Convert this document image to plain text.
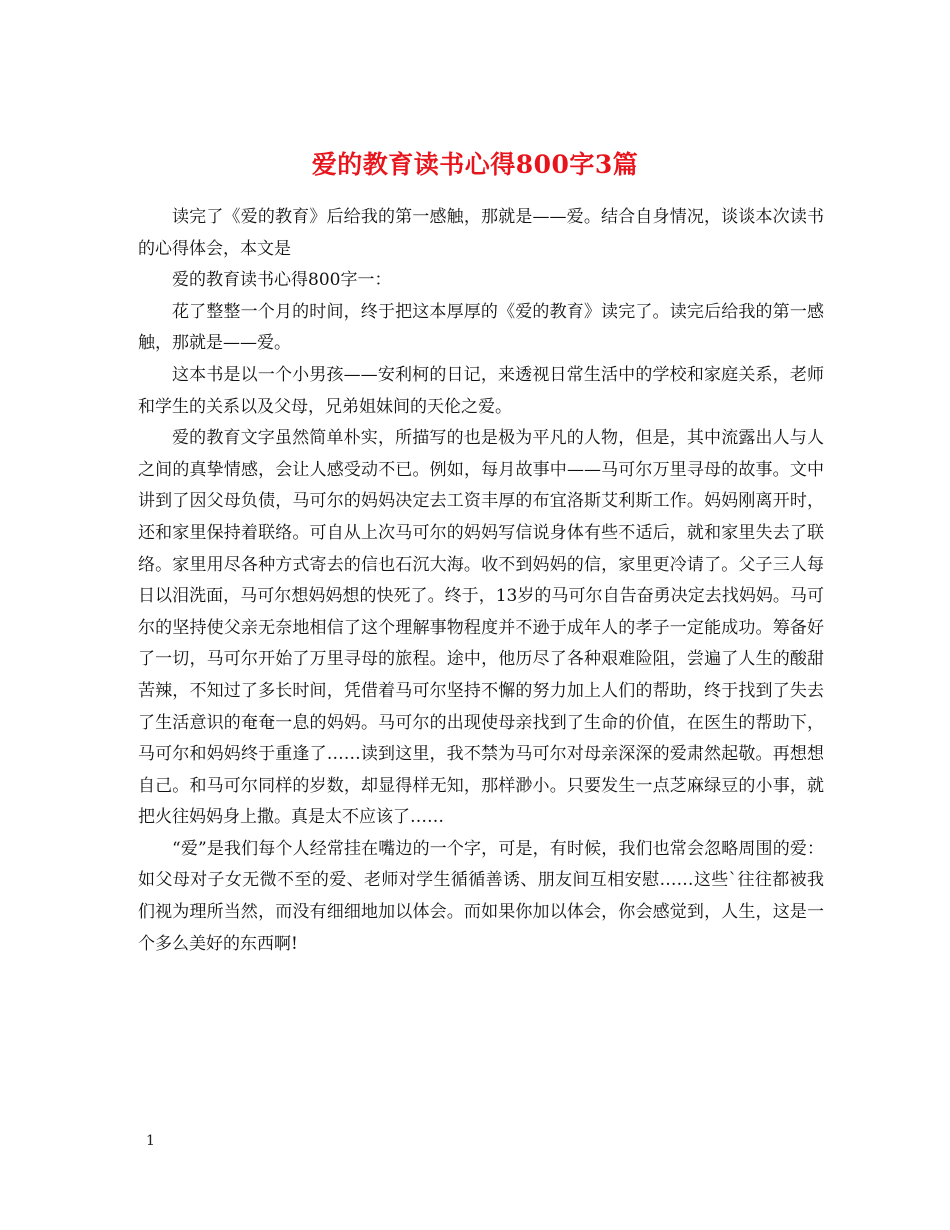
爱的教育读书心得800字3篇

读完了《爱的教育》后给我的第一感触，那就是——爱。结合自身情况，谈谈本次读书的心得体会，本文是

爱的教育读书心得800字一：

花了整整一个月的时间，终于把这本厚厚的《爱的教育》读完了。读完后给我的第一感触，那就是——爱。

这本书是以一个小男孩——安利柯的日记，来透视日常生活中的学校和家庭关系，老师和学生的关系以及父母，兄弟姐妹间的天伦之爱。

爱的教育文字虽然简单朴实，所描写的也是极为平凡的人物，但是，其中流露出人与人之间的真挚情感，会让人感受动不已。例如，每月故事中——马可尔万里寻母的故事。文中讲到了因父母负债，马可尔的妈妈决定去工资丰厚的布宜洛斯艾利斯工作。妈妈刚离开时，还和家里保持着联络。可自从上次马可尔的妈妈写信说身体有些不适后，就和家里失去了联络。家里用尽各种方式寄去的信也石沉大海。收不到妈妈的信，家里更冷请了。父子三人每日以泪洗面，马可尔想妈妈想的快死了。终于，13岁的马可尔自告奋勇决定去找妈妈。马可尔的坚持使父亲无奈地相信了这个理解事物程度并不逊于成年人的孝子一定能成功。筹备好了一切，马可尔开始了万里寻母的旅程。途中，他历尽了各种艰难险阻，尝遍了人生的酸甜苦辣，不知过了多长时间，凭借着马可尔坚持不懈的努力加上人们的帮助，终于找到了失去了生活意识的奄奄一息的妈妈。马可尔的出现使母亲找到了生命的价值，在医生的帮助下，马可尔和妈妈终于重逢了……读到这里，我不禁为马可尔对母亲深深的爱肃然起敬。再想想自己。和马可尔同样的岁数，却显得样无知，那样渺小。只要发生一点芝麻绿豆的小事，就把火往妈妈身上撒。真是太不应该了……

“爱”是我们每个人经常挂在嘴边的一个字，可是，有时候，我们也常会忽略周围的爱：如父母对子女无微不至的爱、老师对学生循循善诱、朋友间互相安慰……这些`往往都被我们视为理所当然，而没有细细地加以体会。而如果你加以体会，你会感觉到，人生，这是一个多么美好的东西啊!

1
